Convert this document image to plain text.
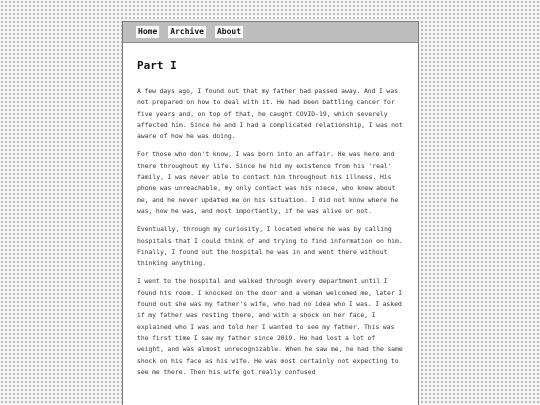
Home Archive About
Part I

A few days ago, I found out that my father had passed away. And I was not prepared on how to deal with it. He had been battling cancer for five years and, on top of that, he caught COVID-19, which severely affected him. Since he and I had a complicated relationship, I was not aware of how he was doing.

For those who don't know, I was born into an affair. He was here and there throughout my life. Since he hid my existence from his 'real' family, I was never able to contact him throughout his illness. His phone was unreachable, my only contact was his niece, who knew about me, and he never updated me on his situation. I did not know where he was, how he was, and most importantly, if he was alive or not.

Eventually, through my curiosity, I located where he was by calling hospitals that I could think of and trying to find information on him. Finally, I found out the hospital he was in and went there without thinking anything.

I went to the hospital and walked through every department until I found his room. I knocked on the door and a woman welcomed me, later I found out she was my father's wife, who had no idea who I was. I asked if my father was resting there, and with a shock on her face, I explained who I was and told her I wanted to see my father. This was the first time I saw my father since 2019. He had lost a lot of weight, and was almost unrecognizable. When he saw me, he had the same shock on his face as his wife. He was most certainly not expecting to see me there. Then his wife got really confused
